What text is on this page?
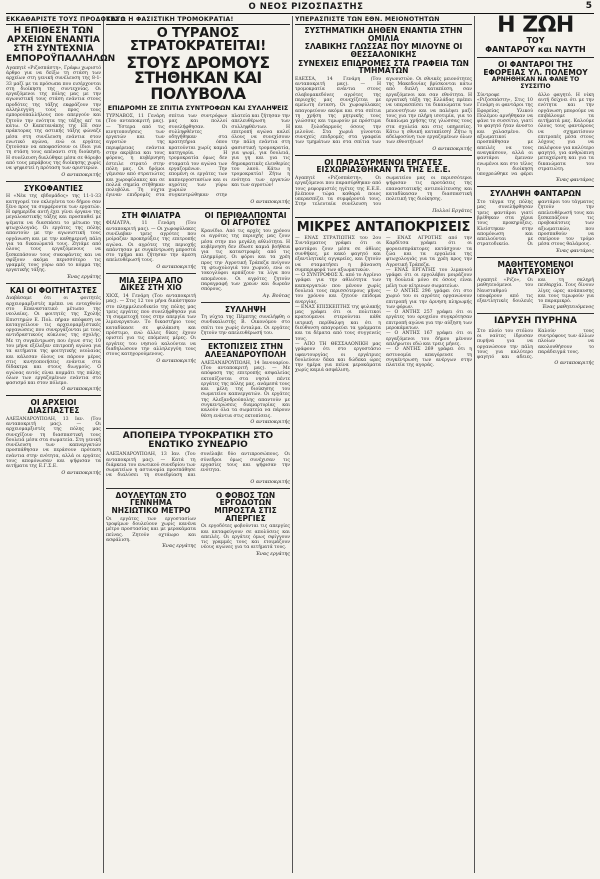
Ο ΝΕΟΣ ΡΙΖΟΣΠΑΣΤΗΣ	5
ΕΚΚΑΘΑΡΙΣΤΕ ΤΟΥΣ ΠΡΟΔΟΤΕΣ !
Η ΕΠΙΘΕΣΗ ΤΩΝ ΑΡΧΕΙΩΝ ΕΝΑΝΤΙΑ ΣΤΗ ΣΥΝΤΕΧΝΙΑ ΕΜΠΟΡΟΫΠΑΛΛΗΛΩΝ
Αγαπητέ «Ριζοσπάστη», Γράφω χωριστό άρθρο για να δείξω τη στάση των αρχείων στη γενική συνέλευση της 8-1-33 μαζί με τα πρόσωπα που εισέρχονται στη διοίκηση της συντεχνίας. Οι εργαζόμενοι της πόλης μας με την αγωνιστική τους στάση ενάντια στους προδότες της τάξης εκφράζουν την αλληλεγγύη τους προς τους εμποροϋπαλλήλους που απεργούν και ζητούν την ενότητα της τάξης απ’ τα κάτω. Ο Καπετανάκης της ΕΕ σαν πράκτορας της αστικής τάξης φώναζε μέσα στη συνέλευση ενάντια στον ενωτικό αγώνα, ενώ οι εργάτες ζητούσαν να αποφασίσουν οι ίδιοι για τη στάση τους απέναντι στη διοίκηση. Η συνέλευση διαλύθηκε μέσα σε θόρυβο από τους μπράβους της διοίκησης χωρίς να ψηφιστεί η πρόταση των αριστερών.
Ο ανταποκριτής
ΣΥΚΟΦΑΝΤΙΕΣ
Η «Νέα της εβδομάδος» της 11-1-33 κατηγορεί τον εκλεγέντα του δήμου σαν ξένο προς τα συμφέροντα των εργατών. Η εφημερίδα αυτή έχει γίνει όργανο της μεγαλοαστικής τάξης και προσπαθεί με ψέματα να διασπάσει το μέτωπο της φτωχολογιάς. Οι εργάτες της πόλης απαντούν με την αγωνιστική τους οργάνωση και με την καθημερινή πάλη για τα δικαιώματά τους. Ζητάμε από όλους τους εργαζόμενους να ξεσκεπάσουν τους συκοφάντες και να σφίξουν ακόμα περισσότερο τις γραμμές τους γύρω από το κόμμα της εργατικής τάξης.
Ένας εργάτης
ΚΑΙ ΟΙ ΦΟΙΤΗΤΑΣΤΕΣ
Διαβάσαμε ότι οι φοιτητές αρχειομαρξιστές πρέπει να ενταχθούν στο Επαναστατικό μέτωπο της νεολαίας. Οι φοιτητές της Σχολής Επιστημών Ε. Πολ. πήραν απόφαση να καταγγείλουν τις αρχειομαρξιστικές οργανώσεις που συνεργάζονται με τους αντιδραστικούς κύκλους της σχολής. Με τη συγκέντρωση που έγινε στις 10 του μήνα εξέλεξαν επιτροπή αγώνα για τα αιτήματα της φοιτητικής νεολαίας και κάλεσαν όλους να πάρουν μέρος στις κινητοποιήσεις ενάντια στα δίδακτρα και στους διωγμούς. Ο αγώνας αυτός είναι κομμάτι της πάλης όλων των εργαζομένων ενάντια στο φασισμό και στον πόλεμο.
Ο ανταποκριτής
ΟΙ ΑΡΧΕΙΟΙ ΔΙΑΣΠΑΣΤΕΣ
ΑΛΕΞΑΝΔΡΟΥΠΟΛΗ, 13 Ιαν. (Του ανταποκριτή μας). — Οι αρχειομαρξιστές της πόλης μας συνεχίζουν τη διασπαστική τους δουλειά μέσα στα σωματεία. Στη γενική συνέλευση των καπνεργατών προσπάθησαν να περάσουν πρόταση ενάντια στην ενότητα, αλλά οι εργάτες τους απομόνωσαν και ψήφισαν τα αιτήματα της Ε.Γ.Σ.Ε.
Ο ανταποκριτής
ΚΑΤΩ Η ΦΑΣΙΣΤΙΚΗ ΤΡΟΜΟΚΡΑΤΙΑ!
Ο ΤΥΡΑΝΟΣ ΣΤΡΑΤΟΚΡΑΤΕΙΤΑΙ!
ΣΤΟΥΣ ΔΡΟΜΟΥΣ ΣΤΗΘΗΚΑΝ ΚΑΙ ΠΟΛΥΒΟΛΑ
ΕΠΙΔΡΟΜΗ ΣΕ ΣΠΙΤΙΑ ΣΥΝΤΡΟΦΩΝ ΚΑΙ ΣΥΛΛΗΨΕΙΣ
ΤΥΡΝΑΒΟΣ, 11 Γενάρη (Του ανταποκριτή μας). — Ύστερα από τις κινητοποιήσεις των εργατών και των αγροτών της περιφέρειας ενάντια στην ακρίβεια και τους φόρους, η κυβέρνηση έστειλε στρατό στην πόλη μας. Οι δρόμοι γέμισαν από στρατιώτες και χωροφύλακες και σε πολλά σημεία στήθηκαν πολυβόλα. Τη νύχτα έγιναν επιδρομές στα σπίτια των συντρόφων μας και πολλοί συνελήφθησαν. Οι συλληφθέντες οδηγήθηκαν στα κρατητήρια όπου κρατούνται χωρίς καμιά κατηγορία. Η τρομοκρατία όμως δεν σταματά τον αγώνα των εργαζομένων. Την επομένη οι εργάτες των καπνεργοστασίων και οι αγρότες των γύρω χωριών συγκεντρώθηκαν στην πλατεία και ζήτησαν την απελευθέρωση των συλληφθέντων. Η επιτροπή αγώνα καλεί όλους να συνεχίσουν την πάλη ενάντια στη φασιστική τρομοκρατία, για ψωμί, για δουλειά, για γη και για τις δημοκρατικές ελευθερίες του λαού. Κάτω η τρομοκρατία! Ζήτω η ενότητα των εργατών και των αγροτών!
Ο ανταποκριτής
ΣΤΗ ΦΙΛΙΑΤΡΑ
ΦΙΛΙΑΤΡΑ, 11 Γενάρη (Του ανταποκριτή μας). — Οι χωροφύλακες συνέλαβαν τρεις αγρότες που μοίραζαν προκηρύξεις της επιτροπής αγώνα. Οι αγρότες της περιοχής απάντησαν με συγκέντρωση μπροστά στο τμήμα και ζήτησαν την άμεση απελευθέρωσή τους.
Ο ανταποκριτής
ΜΙΑ ΣΕΙΡΑ ΑΠΟ ΔΙΚΕΣ ΣΤΗ ΧΙΟ
ΧΙΟΣ, 14 Γενάρη (Του ανταποκριτή μας). — Στις 12 του μήνα δικάστηκαν στο πλημμελειοδικείο της πόλης μας τρεις εργάτες που συνελήφθησαν για τη συμμετοχή τους στην απεργία των λιμενεργατών. Το δικαστήριο τους καταδίκασε σε φυλάκιση και πρόστιμο, ενώ άλλες δίκες έχουν οριστεί για τις επόμενες μέρες. Οι εργάτες του νησιού καλούνται να διαδηλώσουν την αλληλεγγύη τους στους κατηγορούμενους.
Ο ανταποκριτής
ΟΙ ΠΕΡΙΘΑΛΠΟΝΤΑΙ ΟΙ ΑΓΡΟΤΕΣ
Κρανίδιο. Από τις αρχές του χρόνου οι αγρότες της περιοχής μας ζουν μέσα στην πιο μεγάλη αθλιότητα. Η κυβέρνηση δεν έδωσε καμιά βοήθεια για τις καταστροφές από τις πλημμύρες. Οι φόροι και τα χρέη προς την Αγροτική Τράπεζα πνίγουν τη φτωχολογιά του χωριού, ενώ οι τοκογλύφοι αρπάζουν τα λίγα που απομένουν. Οι αγρότες ζητούν παραγραφή των χρεών και δωρεάν σπόρους.
Αγ. Βούτας
ΣΥΛΛΗΨΗ
Τη νύχτα της Πέμπτης συνελήφθη ο συνδικαλιστής Β. Οικονόμου στο σπίτι του χωρίς ένταλμα. Οι εργάτες ζητούν την απελευθέρωσή του.
ΕΚΤΟΠΙΣΕΙΣ ΣΤΗΝ ΑΛΕΞΑΝΔΡΟΥΠΟΛΗ
ΑΛΕΞΑΝΔΡΟΥΠΟΛΗ, 14 Ιανουαρίου. (Του ανταποκριτή μας). — Με απόφαση της επιτροπής ασφαλείας εκτοπίζονται στα νησιά πέντε εργάτες της πόλης μας, ανάμεσά τους και μέλη της διοίκησης του σωματείου καπνεργατών. Οι εργάτες της Αλεξανδρούπολης απαντούν με συγκεντρώσεις διαμαρτυρίας και καλούν όλα τα σωματεία να πάρουν θέση ενάντια στις εκτοπίσεις.
Ο ανταποκριτής
ΑΠΟΠΕΙΡΑ ΤΥΡΟΚΡΑΤΙΚΗ ΣΤΟ ΕΝΩΤΙΚΟ ΣΥΝΕΔΡΙΟ
ΑΛΕΞΑΝΔΡΟΥΠΟΛΗ, 13 Ιαν. (Του ανταποκριτή μας). — Κατά τη διάρκεια του ενωτικού συνεδρίου των σωματείων η αστυνομία προσπάθησε να διαλύσει τη συνεδρίαση και συνέλαβε δύο αντιπροσώπους. Οι σύνεδροι όμως συνέχισαν τις εργασίες τους και ψήφισαν την ενότητα.
Ο ανταποκριτής
ΔΟΥΛΕΥΤΩΝ ΣΤΟ ΓΕΝΝΗΜΑ ΝΗΣΙΩΤΙΚΟ ΜΕΤΡΟ
Οι εργάτες των εργοστασίων τροφίμων δουλεύουν χωρίς κανένα μέτρο προστασίας και με μεροκάματα πείνας. Ζητούν οχτάωρο και ασφάλιση.
Ένας εργάτης
Ο ΦΟΒΟΣ ΤΩΝ ΕΡΓΟΔΟΤΩΝ ΜΠΡΟΣΤΑ ΣΤΙΣ ΑΠΕΡΓΙΕΣ
Οι εργοδότες φοβούνται τις απεργίες και καταφεύγουν σε απολύσεις και απειλές. Οι εργάτες όμως σφίγγουν τις γραμμές τους και ετοιμάζουν νέους αγώνες για τα αιτήματά τους.
Ένας εργάτης
ΥΠΕΡΑΣΠΙΣΤΕ ΤΩΝ ΕΘΝ. ΜΕΙΟΝΟΤΗΤΩΝ
ΣΥΣΤΗΜΑΤΙΚΗ ΔΗΘΕΝ ΕΝΑΝΤΙΑ ΣΤΗΝ ΟΜΙΛΙΑ
ΣΛΑΒΙΚΗΣ ΓΛΩΣΣΑΣ ΠΟΥ ΜΙΛΟΥΝΕ ΟΙ ΘΕΣΣΑΛΟΝΙΚΗΣ
ΣΥΝΕΧΕΙΣ ΕΠΙΔΡΟΜΕΣ ΣΤΑ ΓΡΑΦΕΙΑ ΤΩΝ ΤΜΗΜΑΤΩΝ
ΕΔΕΣΣΑ, 14 Γενάρη (Του ανταποκριτή μας). — Η τρομοκρατία ενάντια στους σλαβομακεδόνες αγρότες της περιοχής μας συνεχίζεται με αμείωτη ένταση. Οι χωροφύλακες απαγορεύουν ακόμα και στα σπίτια τη χρήση της μητρικής τους γλώσσας και τιμωρούν με πρόστιμα και ξυλοδαρμούς όσους την μιλούνε. Στα χωριά γίνονται συνεχείς επιδρομές στα γραφεία των τμημάτων και στα σπίτια των αγωνιστών. Οι εθνικές μειονότητες της Μακεδονίας βρίσκονται κάτω από διπλή καταπίεση, σαν εργαζόμενοι και σαν εθνότητα. Η εργατική τάξη της Ελλάδας πρέπει να υπερασπίσει τα δικαιώματα των μειονοτήτων και να παλέψει μαζί τους για την πλήρη ισοτιμία, για το δικαίωμα χρήσης της γλώσσας τους στα σχολεία και στις υπηρεσίες. Κάτω η εθνική καταπίεση! Ζήτω η αδελφοσύνη των εργαζομένων όλων των εθνοτήτων!
Ο ανταποκριτής
ΟΙ ΠΑΡΑΣΥΡΜΕΝΟΙ ΕΡΓΑΤΕΣ ΕΙΣΧΩΡΙΑΣΘΗΚΑΝ ΤΑ ΤΗΣ Ε.Ε.Ε.
Αγαπητέ «Ριζοσπάστη», Οι εργαζόμενοι που παρασύρθηκαν από τους ρεφορμιστές ηγέτες της Ε.Ε.Ε. βλέπουν τώρα καθαρά ποιος υπερασπίζει τα συμφέροντά τους. Στην τελευταία συνέλευση του σωματείου μας οι περισσότεροι ψήφισαν τις προτάσεις της επαναστατικής αντιπολίτευσης και καταδίκασαν τη διασπαστική πολιτική της διοίκησης.
Πολλοί Εργάτες
ΜΙΚΡΕΣ ΑΝΤΑΠΟΚΡΙΣΕΙΣ

— ΕΝΑΣ ΣΤΡΑΤΙΩΤΗΣ του 2ου Συντάγματος γράφει ότι οι φαντάροι ζουν μέσα σε άθλιες συνθήκες, με κακό φαγητό και εξαντλητικές αγγαρείες, και ζητούν να σταματήσει η βάναυση συμπεριφορά των αξιωματικών.

— Ο ΣΥΝΤΡΟΦΟΣ Χ. από το Αγρίνιο γράφει για την αθλιότητα των καπνεργατών που μένουν χωρίς δουλειά τους περισσότερους μήνες του χρόνου και ζητούν επίδομα ανεργίας.

— ΕΝΑΣ ΕΠΙΣΚΕΠΤΗΣ της φυλακής μας γράφει ότι οι πολιτικοί κρατούμενοι στερούνται κάθε ιατρική περίθαλψη και ότι η διεύθυνση απαγορεύει τα γράμματα και τα δέματα από τους συγγενείς τους.

— ΑΠΟ ΤΗ ΘΕΣΣΑΛΟΝΙΚΗ μας γράφουν ότι στο εργοστάσιο υφαντουργίας οι εργάτριες δουλεύουν δέκα και δώδεκα ώρες την ημέρα για πείνα μεροκάματα χωρίς καμιά ασφάλιση.

— ΕΝΑΣ ΑΓΡΟΤΗΣ από την Καρδίτσα γράφει ότι οι φοροεισπράκτορες κατάσχουν τα ζώα και τα εργαλεία της φτωχολογιάς για τα χρέη προς την Αγροτική Τράπεζα.

— ΕΝΑΣ ΕΡΓΑΤΗΣ του λιμανιού γράφει ότι οι εργολάβοι μοιράζουν τη δουλειά μόνο σε όσους είναι μέλη των κίτρινων σωματείων.

— Ο ΑΝΤΗΣ 296 γράφει ότι στο χωριό του οι αγρότες οργανώνουν επιτροπή για την άρνηση πληρωμής των φόρων.

— Ο ΑΝΤΗΣ 257 γράφει ότι οι εργάτες του ορυχείου συγκρότησαν επιτροπή αγώνα για την αύξηση των μεροκάματων.

— Ο ΑΝΤΗΣ 167 γράφει ότι οι εργαζόμενοι του δήμου μένουν απλήρωτοι εδώ και τρεις μήνες.

— Ο ΑΝΤΗΣ 269 γράφει ότι η αστυνομία απαγόρευσε τη συγκέντρωση των ανέργων στην πλατεία της αγοράς.

Η ΖΩΗ
ΤΟΥ
ΦΑΝΤΑΡΟΥ και ΝΑΥΤΗ
ΟΙ ΦΑΝΤΑΡΟΙ ΤΗΣ ΕΦΟΡΕΙΑΣ ΥΛ. ΠΟΛΕΜΟΥ
ΑΡΝΗΘΗΚΑΝ ΝΑ ΦΑΝΕ ΤΟ ΣΥΣΣΙΤΙΟ
Σύντροφε «Ριζοσπάστη», Στις 10 Γενάρη οι φαντάροι της Εφορείας Υλικού Πολέμου αρνήθηκαν να φάνε το συσσίτιο, γιατί το φαγητό ήταν άνοστο και χαλασμένο. Οι αξιωματικοί προσπάθησαν με απειλές να τους αναγκάσουν, αλλά οι φαντάροι έμειναν ενωμένοι και στο τέλος η διοίκηση υποχρεώθηκε να φέρει άλλο φαγητό. Η νίκη αυτή δείχνει ότι με την ενότητα και την οργάνωση μπορούμε να επιβάλουμε τα αιτήματά μας. Καλούμε όλους τους φαντάρους να σχηματίσουν επιτροπές μέσα στους λόχους για να παλέψουν για καλύτερο φαγητό, για ανθρώπινη μεταχείριση και για τα δικαιώματα του στρατιώτη.
Ένας φαντάρος
ΣΥΛΛΗΨΗ ΦΑΝΤΑΡΩΝ
Στο τάγμα της πόλης μας συνελήφθησαν τρεις φαντάροι γιατί βρέθηκαν στα χέρια τους προκηρύξεις. Κλείστηκαν στην απομόνωση και απειλούνται με στρατοδικείο. Οι φαντάροι του τάγματος ζητούν την απελευθέρωσή τους και ξεσκεπάζουν τις προβοκάτσιες των αξιωματικών, που προσπαθούν να σπείρουν τον τρόμο μέσα στους θαλάμους.
Ένας φαντάρος
ΜΑΘΗΤΕΥΟΜΕΝΟΙ ΝΑΥΤΑΡΧΕΙΟΥ
Αγαπητέ «Ριζο», Οι μαθητευόμενοι του Ναυσταθμού υποφέρουν από τις εξαντλητικές δουλειές και τη σκληρή πειθαρχία. Τους δίνουν λίγες ώρες ανάπαυσης και τους τιμωρούν για το παραμικρό.
Ένας μαθητευόμενος
ΙΔΡΥΣΗ ΠΥΡΗΝΑ
Στο πλοίο του στόλου οι ναύτες ίδρυσαν πυρήνα για να οργανώσουν την πάλη τους για καλύτερο φαγητό και αδειες. Καλούν τους συντρόφους των άλλων πλοίων να ακολουθήσουν το παράδειγμά τους.
Ο ανταποκριτής
